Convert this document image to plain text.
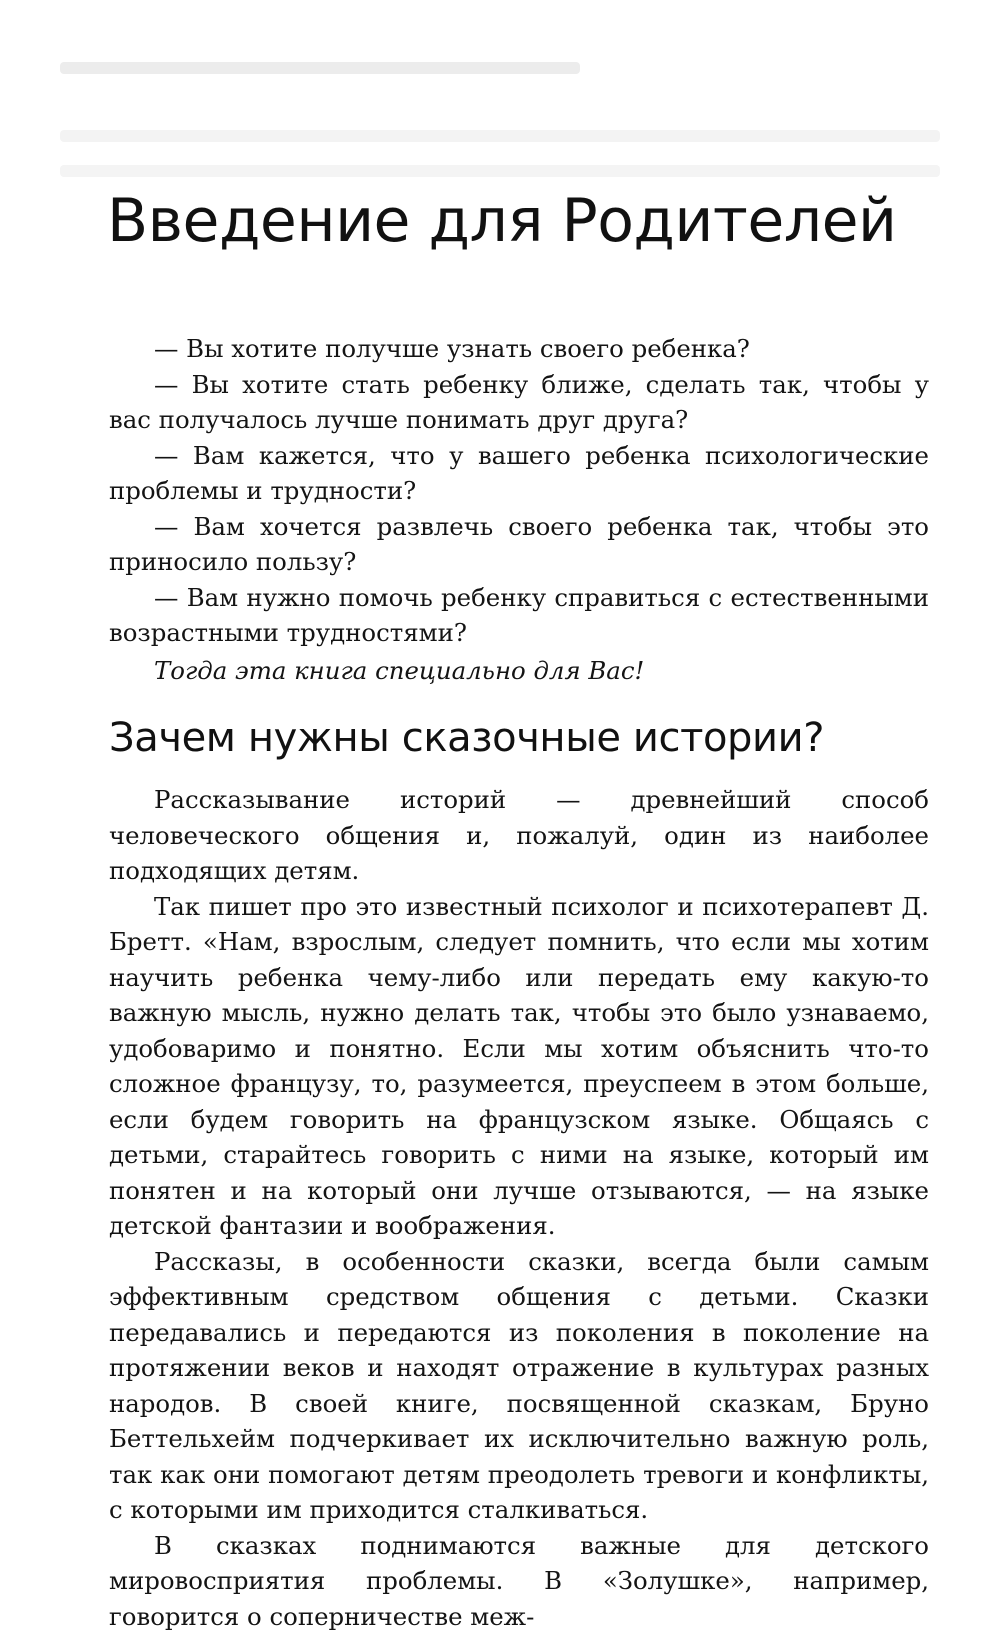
Введение для Родителей

— Вы хотите получше узнать своего ребенка?

— Вы хотите стать ребенку ближе, сделать так, чтобы у вас получалось лучше понимать друг друга?

— Вам кажется, что у вашего ребенка психологические проблемы и трудности?

— Вам хочется развлечь своего ребенка так, чтобы это приносило пользу?

— Вам нужно помочь ребенку справиться с естественными возрастными трудностями?

Тогда эта книга специально для Вас!

Зачем нужны сказочные истории?

Рассказывание историй — древнейший способ человеческого общения и, пожалуй, один из наиболее подходящих детям.

Так пишет про это известный психолог и психотерапевт Д. Бретт. «Нам, взрослым, следует помнить, что если мы хотим научить ребенка чему-либо или передать ему какую-то важную мысль, нужно делать так, чтобы это было узнаваемо, удобоваримо и понятно. Если мы хотим объяснить что-то сложное французу, то, разумеется, преуспеем в этом больше, если будем говорить на французском языке. Общаясь с детьми, старайтесь говорить с ними на языке, который им понятен и на который они лучше отзываются, — на языке детской фантазии и воображения.

Рассказы, в особенности сказки, всегда были самым эффективным средством общения с детьми. Сказки передавались и передаются из поколения в поколение на протяжении веков и находят отражение в культурах разных народов. В своей книге, посвященной сказкам, Бруно Беттельхейм подчеркивает их исключительно важную роль, так как они помогают детям преодолеть тревоги и конфликты, с которыми им приходится сталкиваться.

В сказках поднимаются важные для детского мировосприятия проблемы. В «Золушке», например, говорится о соперничестве меж-
